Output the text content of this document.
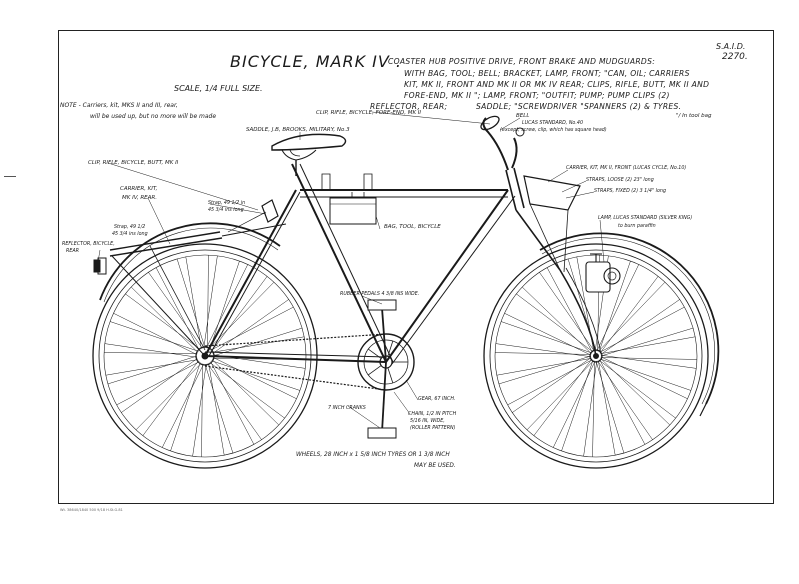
BICYCLE, MARK IV .
S.A.I.D.
2270.
COASTER HUB POSITIVE DRIVE, FRONT BRAKE AND MUDGUARDS:
WITH BAG, TOOL; BELL; BRACKET, LAMP, FRONT; "CAN, OIL; CARRIERS
KIT, MK II, FRONT AND MK II OR MK IV REAR; CLIPS, RIFLE, BUTT, MK II AND
FORE-END, MK II "; LAMP, FRONT; "OUTFIT; PUMP; PUMP CLIPS (2)
REFLECTOR, REAR;	SADDLE; "SCREWDRIVER "SPANNERS (2) & TYRES.
"/ In tool bag
SCALE, 1/4 FULL SIZE.
NOTE - Carriers, kit, MKS II and III, rear,
will be used up, but no more will be made	CLIP, RIFLE, BICYCLE, FORE-END, MK II	BELL
LUCAS STANDARD, No.40
(except, screw, clip, which has square head)
SADDLE, J.B, BROOKS, MILITARY, No.3
CLIP, RIFLE, BICYCLE, BUTT, MK II
CARRIER, KIT,
MK IV, REAR.
Strap, 49 1/2 in
45 3/4 ins long
Strap, 49 1/2
45 3/4 ins long
REFLECTOR, BICYCLE,
REAR
BAG, TOOL, BICYCLE
CARRIER, KIT, MK II, FRONT (LUCAS CYCLE, No.10)
STRAPS, LOOSE (2) 23" long
STRAPS, FIXED (2) 3 1/4" long
LAMP, LUCAS STANDARD (SILVER KING)
to burn paraffin
RUBBER PEDALS 4 3/8 INS WIDE.
GEAR, 67 INCH.
7 INCH CRANKS
CHAIN, 1/2 IN PITCH
5/16 IN, WIDE,
(ROLLER PATTERN)
WHEELS, 28 INCH x 1 5/8 INCH TYRES OR 1 3/8 INCH
MAY BE USED.
Wt. 38640/1840 500 9/18 H.St.G.81
